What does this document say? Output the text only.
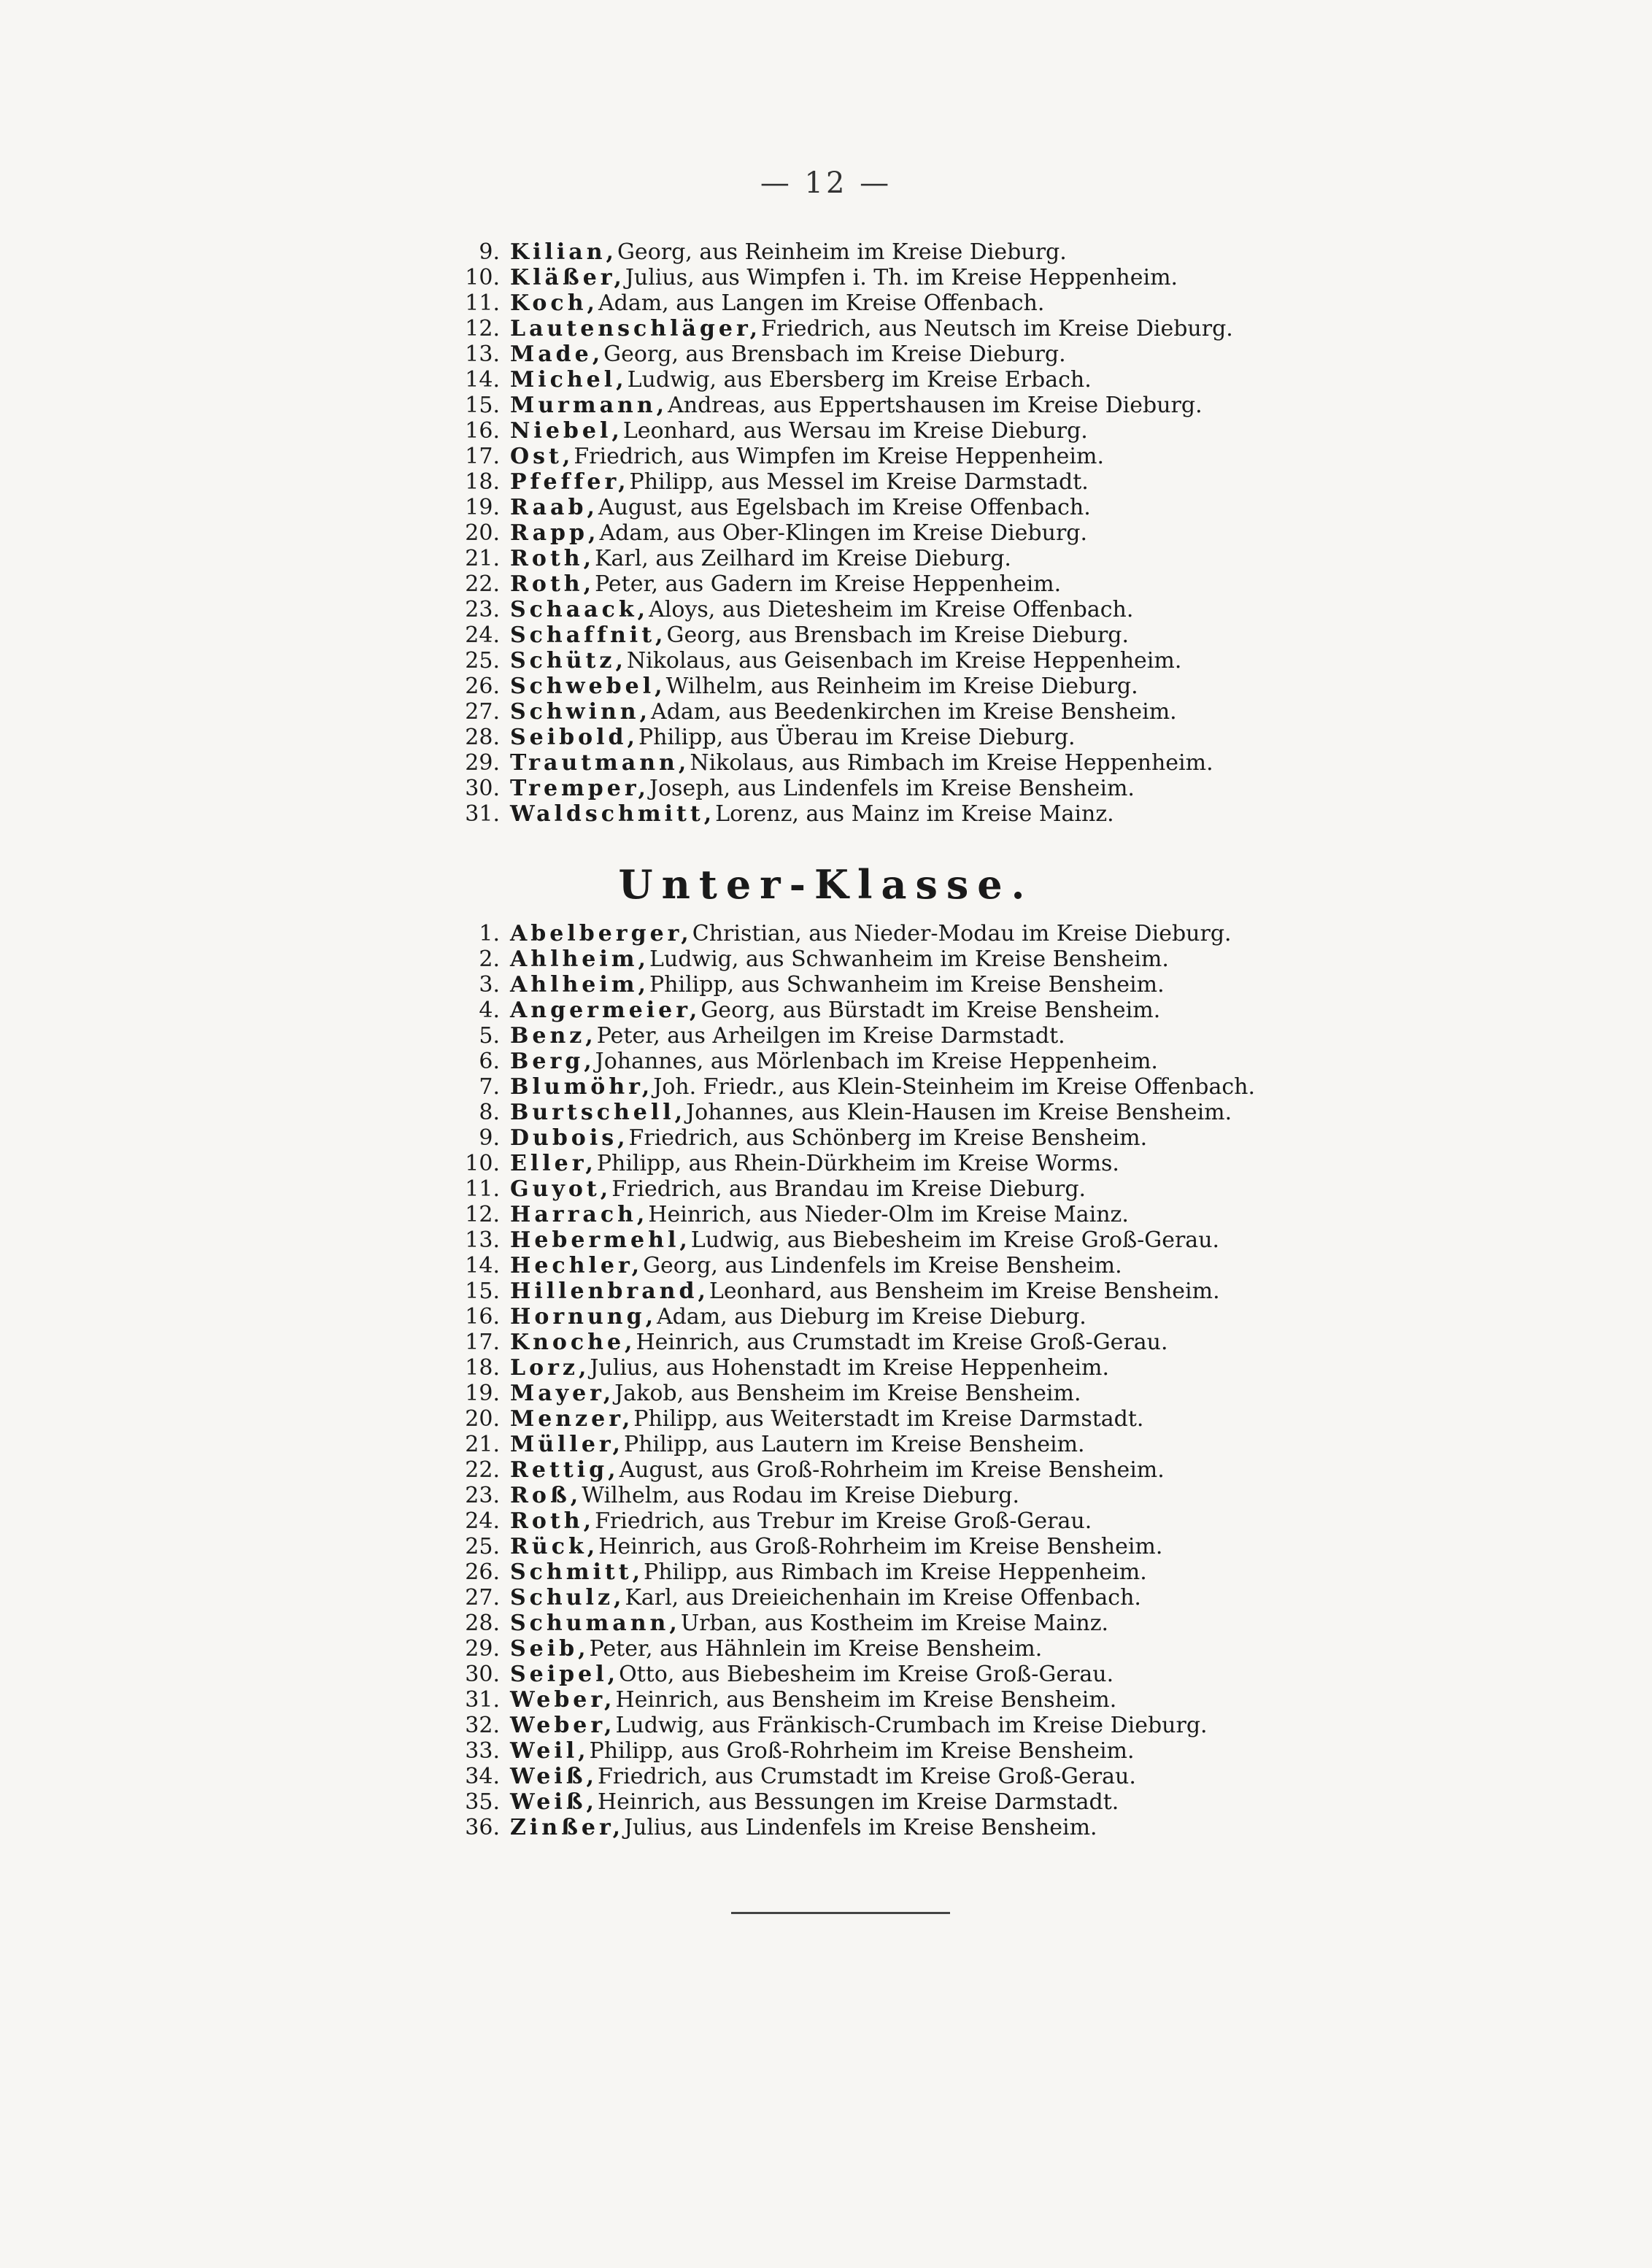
— 12 —
9. Kilian, Georg, aus Reinheim im Kreise Dieburg.
10. Kläßer, Julius, aus Wimpfen i. Th. im Kreise Heppenheim.
11. Koch, Adam, aus Langen im Kreise Offenbach.
12. Lautenschläger, Friedrich, aus Neutsch im Kreise Dieburg.
13. Made, Georg, aus Brensbach im Kreise Dieburg.
14. Michel, Ludwig, aus Ebersberg im Kreise Erbach.
15. Murmann, Andreas, aus Eppertshausen im Kreise Dieburg.
16. Niebel, Leonhard, aus Wersau im Kreise Dieburg.
17. Ost, Friedrich, aus Wimpfen im Kreise Heppenheim.
18. Pfeffer, Philipp, aus Messel im Kreise Darmstadt.
19. Raab, August, aus Egelsbach im Kreise Offenbach.
20. Rapp, Adam, aus Ober-Klingen im Kreise Dieburg.
21. Roth, Karl, aus Zeilhard im Kreise Dieburg.
22. Roth, Peter, aus Gadern im Kreise Heppenheim.
23. Schaack, Aloys, aus Dietesheim im Kreise Offenbach.
24. Schaffnit, Georg, aus Brensbach im Kreise Dieburg.
25. Schütz, Nikolaus, aus Geisenbach im Kreise Heppenheim.
26. Schwebel, Wilhelm, aus Reinheim im Kreise Dieburg.
27. Schwinn, Adam, aus Beedenkirchen im Kreise Bensheim.
28. Seibold, Philipp, aus Überau im Kreise Dieburg.
29. Trautmann, Nikolaus, aus Rimbach im Kreise Heppenheim.
30. Tremper, Joseph, aus Lindenfels im Kreise Bensheim.
31. Waldschmitt, Lorenz, aus Mainz im Kreise Mainz.
Unter-Klasse.
1. Abelberger, Christian, aus Nieder-Modau im Kreise Dieburg.
2. Ahlheim, Ludwig, aus Schwanheim im Kreise Bensheim.
3. Ahlheim, Philipp, aus Schwanheim im Kreise Bensheim.
4. Angermeier, Georg, aus Bürstadt im Kreise Bensheim.
5. Benz, Peter, aus Arheilgen im Kreise Darmstadt.
6. Berg, Johannes, aus Mörlenbach im Kreise Heppenheim.
7. Blumöhr, Joh. Friedr., aus Klein-Steinheim im Kreise Offenbach.
8. Burtschell, Johannes, aus Klein-Hausen im Kreise Bensheim.
9. Dubois, Friedrich, aus Schönberg im Kreise Bensheim.
10. Eller, Philipp, aus Rhein-Dürkheim im Kreise Worms.
11. Guyot, Friedrich, aus Brandau im Kreise Dieburg.
12. Harrach, Heinrich, aus Nieder-Olm im Kreise Mainz.
13. Hebermehl, Ludwig, aus Biebesheim im Kreise Groß-Gerau.
14. Hechler, Georg, aus Lindenfels im Kreise Bensheim.
15. Hillenbrand, Leonhard, aus Bensheim im Kreise Bensheim.
16. Hornung, Adam, aus Dieburg im Kreise Dieburg.
17. Knoche, Heinrich, aus Crumstadt im Kreise Groß-Gerau.
18. Lorz, Julius, aus Hohenstadt im Kreise Heppenheim.
19. Mayer, Jakob, aus Bensheim im Kreise Bensheim.
20. Menzer, Philipp, aus Weiterstadt im Kreise Darmstadt.
21. Müller, Philipp, aus Lautern im Kreise Bensheim.
22. Rettig, August, aus Groß-Rohrheim im Kreise Bensheim.
23. Roß, Wilhelm, aus Rodau im Kreise Dieburg.
24. Roth, Friedrich, aus Trebur im Kreise Groß-Gerau.
25. Rück, Heinrich, aus Groß-Rohrheim im Kreise Bensheim.
26. Schmitt, Philipp, aus Rimbach im Kreise Heppenheim.
27. Schulz, Karl, aus Dreieichenhain im Kreise Offenbach.
28. Schumann, Urban, aus Kostheim im Kreise Mainz.
29. Seib, Peter, aus Hähnlein im Kreise Bensheim.
30. Seipel, Otto, aus Biebesheim im Kreise Groß-Gerau.
31. Weber, Heinrich, aus Bensheim im Kreise Bensheim.
32. Weber, Ludwig, aus Fränkisch-Crumbach im Kreise Dieburg.
33. Weil, Philipp, aus Groß-Rohrheim im Kreise Bensheim.
34. Weiß, Friedrich, aus Crumstadt im Kreise Groß-Gerau.
35. Weiß, Heinrich, aus Bessungen im Kreise Darmstadt.
36. Zinßer, Julius, aus Lindenfels im Kreise Bensheim.
